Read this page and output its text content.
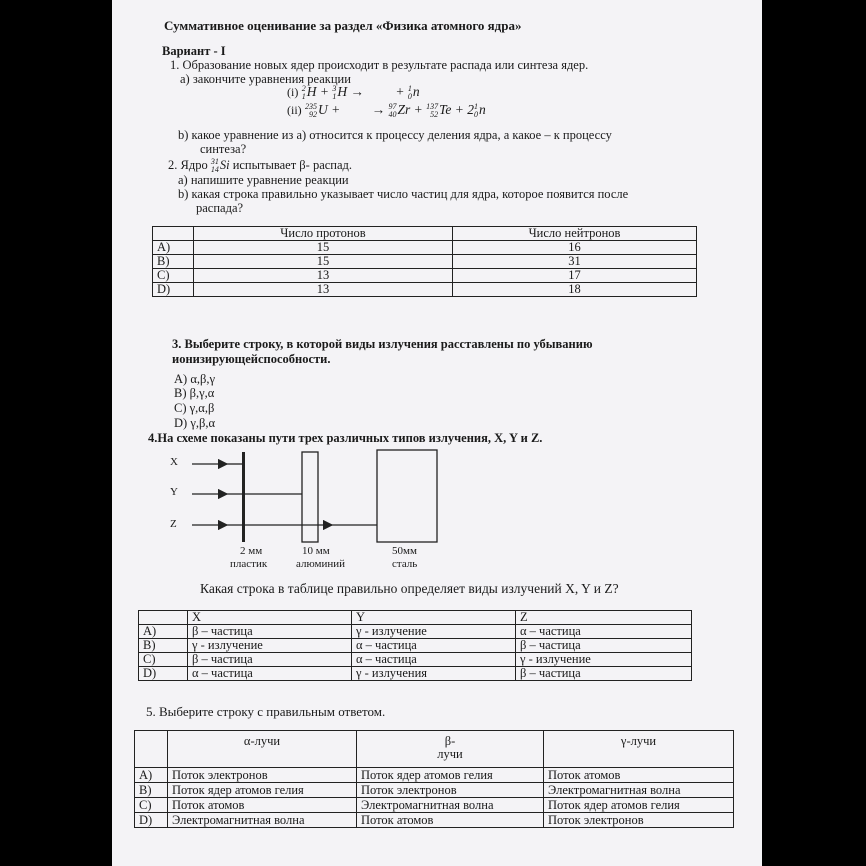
Суммативное оценивание за раздел «Физика атомного ядра»
Вариант - I
1. Образование новых ядер происходит в результате распада или синтеза ядер.
a) закончите уравнения реакции
(i) 2
1 H + 3
1 H → + 1
0 n
(ii) 235
92 U + → 97
40 Zr + 137
52 Te + 2 1
0 n
b) какое уравнение из а) относится к процессу деления ядра, а какое – к процессу
синтеза?
2. Ядро 31
14 Si испытывает β- распад.
a) напишите уравнение реакции
b) какая строка правильно указывает число частиц для ядра, которое появится после
распада?
	Число протонов	Число нейтронов
A)	15	16
B)	15	31
C)	13	17
D)	13	18
3. Выберите строку, в которой виды излучения расставлены по убыванию
ионизирующейспособности.
A) α,β,γ
B) β,γ,α
C) γ,α,β
D) γ,β,α
4.На схеме показаны пути трех различных типов излучения, X, Y и Z.
X
Y
Z
2 мм
пластик
10 мм
алюминий
50мм
сталь
Какая строка в таблице правильно определяет виды излучений X, Y и Z?
	X	Y	Z
A)	β – частица	γ - излучение	α – частица
B)	γ - излучение	α – частица	β – частица
C)	β – частица	α – частица	γ - излучение
D)	α – частица	γ - излучения	β – частица
5. Выберите строку с правильным ответом.
	α-лучи	β-
лучи	γ-лучи
A)	Поток электронов	Поток ядер атомов гелия	Поток атомов
B)	Поток ядер атомов гелия	Поток электронов	Электромагнитная волна
C)	Поток атомов	Электромагнитная волна	Поток ядер атомов гелия
D)	Электромагнитная волна	Поток атомов	Поток электронов
